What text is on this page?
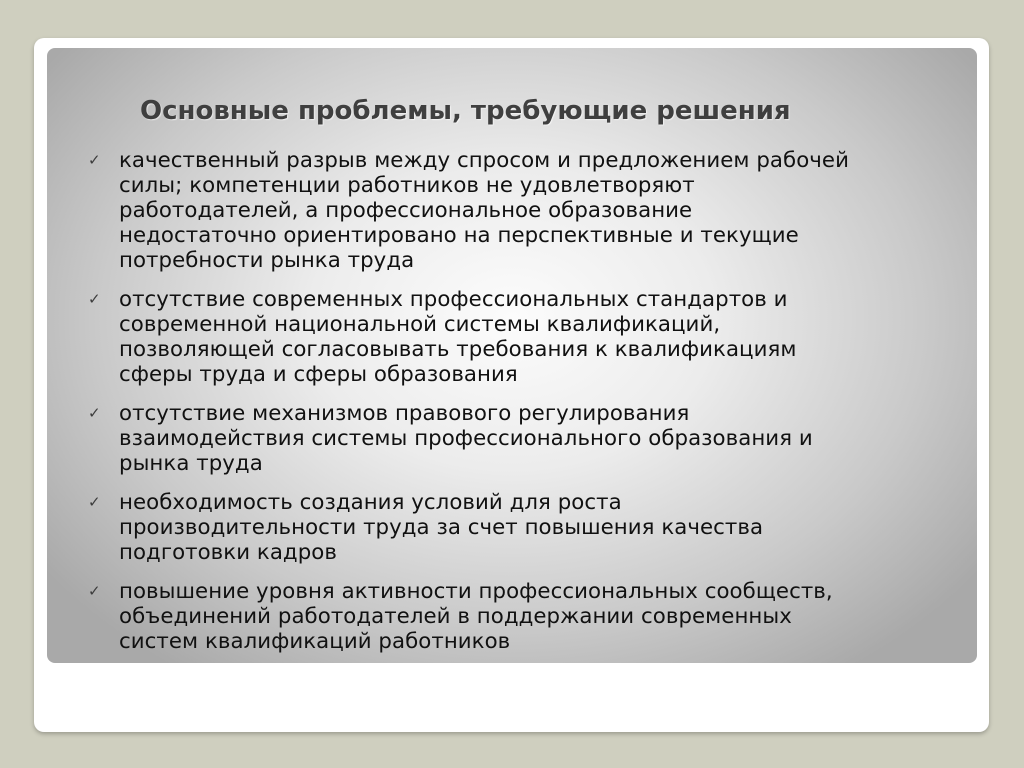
Основные проблемы, требующие решения
✓ качественный разрыв между спросом и предложением рабочей
силы; компетенции работников не удовлетворяют
работодателей, а профессиональное образование
недостаточно ориентировано на перспективные и текущие
потребности рынка труда
✓ отсутствие современных профессиональных стандартов и
современной национальной системы квалификаций,
позволяющей согласовывать требования к квалификациям
сферы труда и сферы образования
✓ отсутствие механизмов правового регулирования
взаимодействия системы профессионального образования и
рынка труда
✓ необходимость создания условий для роста
производительности труда за счет повышения качества
подготовки кадров
✓ повышение уровня активности профессиональных сообществ,
объединений работодателей в поддержании современных
систем квалификаций работников
